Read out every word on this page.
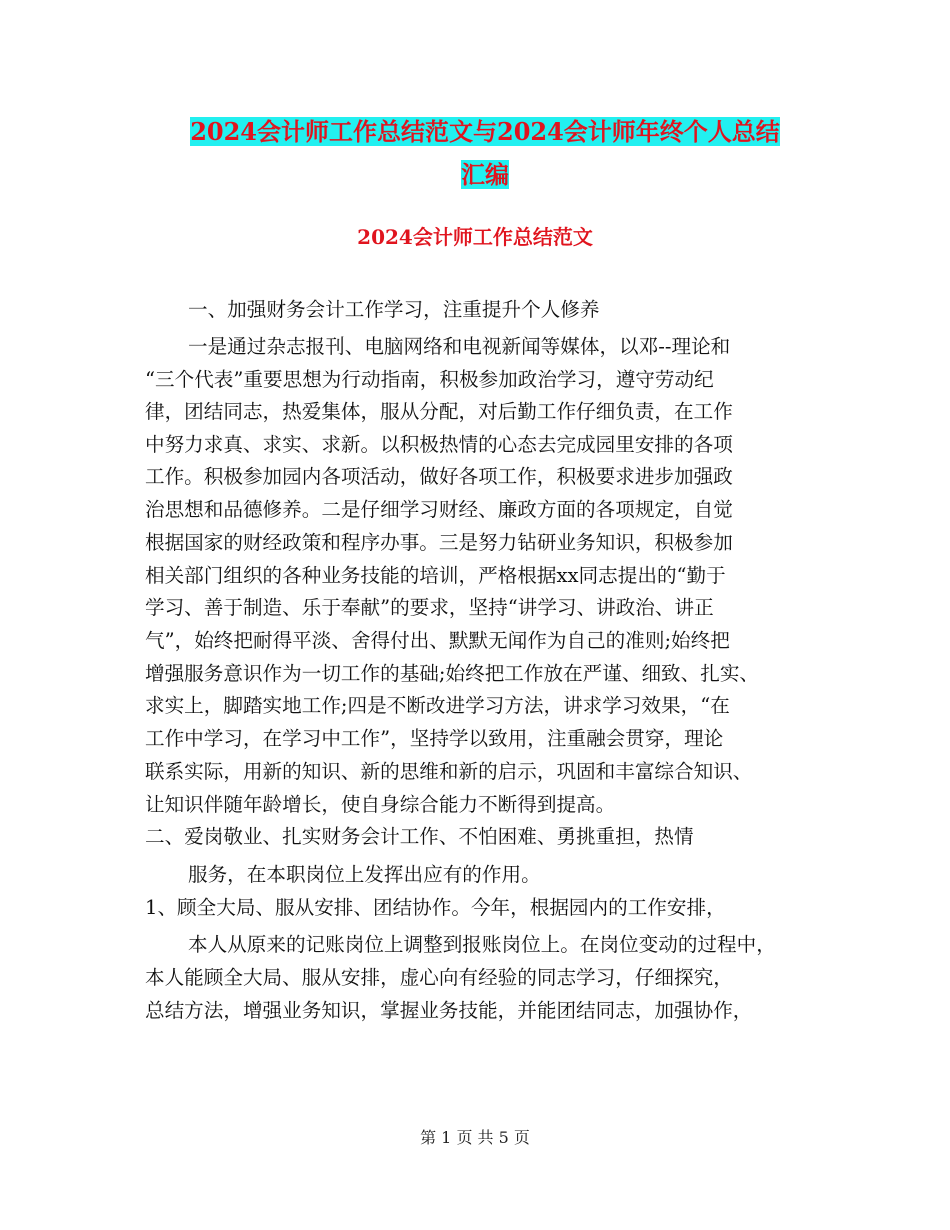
2024会计师工作总结范文与2024会计师年终个人总结
汇编
2024会计师工作总结范文
一、加强财务会计工作学习，注重提升个人修养
一是通过杂志报刊、电脑网络和电视新闻等媒体，以邓--理论和
“三个代表”重要思想为行动指南，积极参加政治学习，遵守劳动纪
律，团结同志，热爱集体，服从分配，对后勤工作仔细负责，在工作
中努力求真、求实、求新。以积极热情的心态去完成园里安排的各项
工作。积极参加园内各项活动，做好各项工作，积极要求进步加强政
治思想和品德修养。二是仔细学习财经、廉政方面的各项规定，自觉
根据国家的财经政策和程序办事。三是努力钻研业务知识，积极参加
相关部门组织的各种业务技能的培训，严格根据xx同志提出的“勤于
学习、善于制造、乐于奉献”的要求，坚持“讲学习、讲政治、讲正
气”，始终把耐得平淡、舍得付出、默默无闻作为自己的准则;始终把
增强服务意识作为一切工作的基础;始终把工作放在严谨、细致、扎实、
求实上，脚踏实地工作;四是不断改进学习方法，讲求学习效果，“在
工作中学习，在学习中工作”，坚持学以致用，注重融会贯穿，理论
联系实际，用新的知识、新的思维和新的启示，巩固和丰富综合知识、
让知识伴随年龄增长，使自身综合能力不断得到提高。
二、爱岗敬业、扎实财务会计工作、不怕困难、勇挑重担，热情
服务，在本职岗位上发挥出应有的作用。
1、顾全大局、服从安排、团结协作。今年，根据园内的工作安排，
本人从原来的记账岗位上调整到报账岗位上。在岗位变动的过程中，
本人能顾全大局、服从安排，虚心向有经验的同志学习，仔细探究，
总结方法，增强业务知识，掌握业务技能，并能团结同志，加强协作，
第 1 页 共 5 页
